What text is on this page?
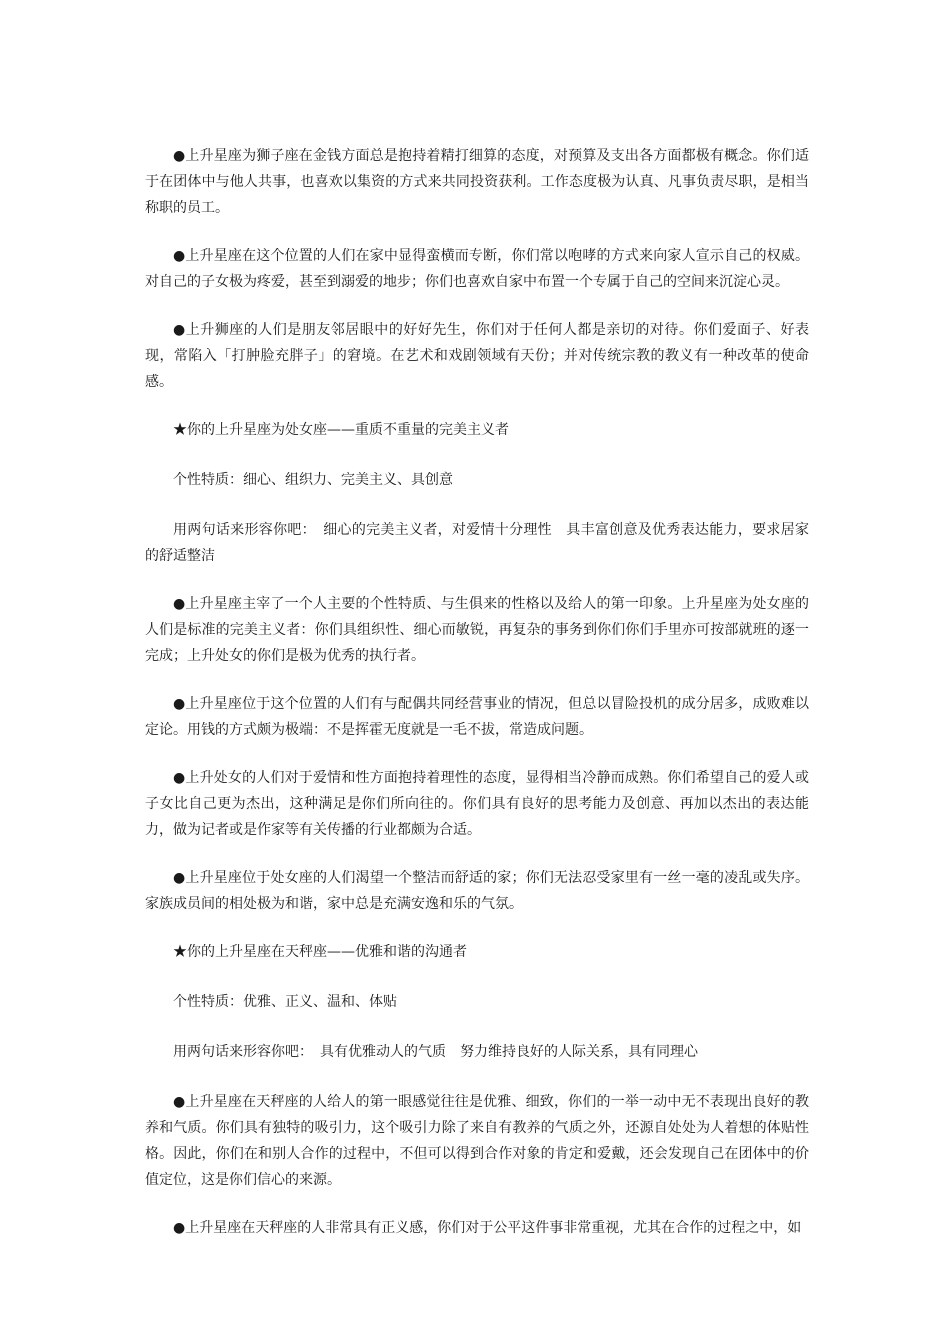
●上升星座为狮子座在金钱方面总是抱持着精打细算的态度，对预算及支出各方面都极有概念。你们适于在团体中与他人共事，也喜欢以集资的方式来共同投资获利。工作态度极为认真、凡事负责尽职，是相当称职的员工。

●上升星座在这个位置的人们在家中显得蛮横而专断，你们常以咆哮的方式来向家人宣示自己的权威。对自己的子女极为疼爱，甚至到溺爱的地步；你们也喜欢自家中布置一个专属于自己的空间来沉淀心灵。

●上升狮座的人们是朋友邻居眼中的好好先生，你们对于任何人都是亲切的对待。你们爱面子、好表现，常陷入「打肿脸充胖子」的窘境。在艺术和戏剧领域有天份；并对传统宗教的教义有一种改革的使命感。

★你的上升星座为处女座——重质不重量的完美主义者

个性特质：细心、组织力、完美主义、具创意

用两句话来形容你吧：　细心的完美主义者，对爱情十分理性　具丰富创意及优秀表达能力，要求居家的舒适整洁

●上升星座主宰了一个人主要的个性特质、与生俱来的性格以及给人的第一印象。上升星座为处女座的人们是标准的完美主义者：你们具组织性、细心而敏锐，再复杂的事务到你们你们手里亦可按部就班的逐一完成；上升处女的你们是极为优秀的执行者。

●上升星座位于这个位置的人们有与配偶共同经营事业的情况，但总以冒险投机的成分居多，成败难以定论。用钱的方式颇为极端：不是挥霍无度就是一毛不拔，常造成问题。

●上升处女的人们对于爱情和性方面抱持着理性的态度，显得相当冷静而成熟。你们希望自己的爱人或子女比自己更为杰出，这种满足是你们所向往的。你们具有良好的思考能力及创意、再加以杰出的表达能力，做为记者或是作家等有关传播的行业都颇为合适。

●上升星座位于处女座的人们渴望一个整洁而舒适的家；你们无法忍受家里有一丝一毫的凌乱或失序。家族成员间的相处极为和谐，家中总是充满安逸和乐的气氛。

★你的上升星座在天秤座——优雅和谐的沟通者

个性特质：优雅、正义、温和、体贴

用两句话来形容你吧：　具有优雅动人的气质　努力维持良好的人际关系，具有同理心

●上升星座在天秤座的人给人的第一眼感觉往往是优雅、细致，你们的一举一动中无不表现出良好的教养和气质。你们具有独特的吸引力，这个吸引力除了来自有教养的气质之外，还源自处处为人着想的体贴性格。因此，你们在和别人合作的过程中，不但可以得到合作对象的肯定和爱戴，还会发现自己在团体中的价值定位，这是你们信心的来源。

●上升星座在天秤座的人非常具有正义感，你们对于公平这件事非常重视，尤其在合作的过程之中，如
